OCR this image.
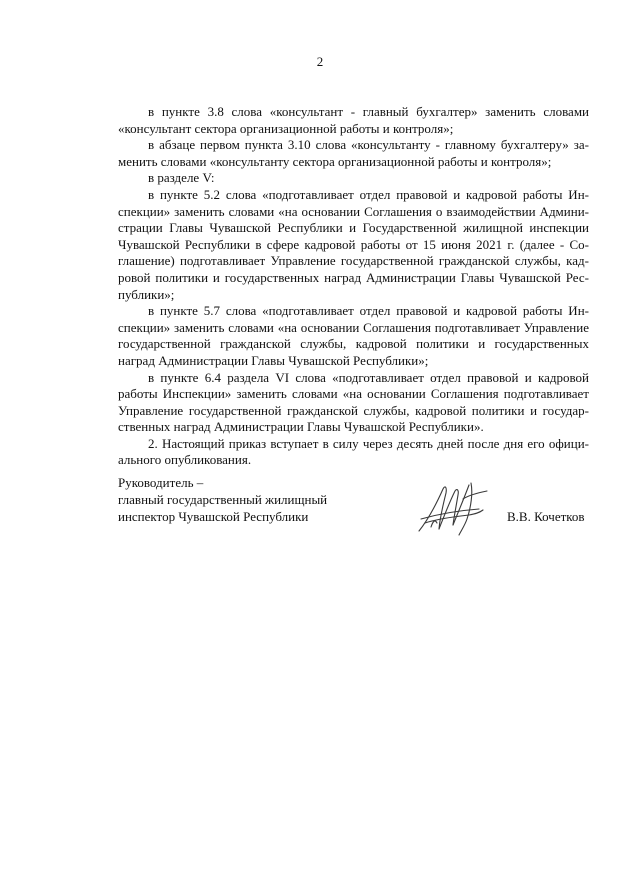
2

в пункте 3.8 слова «консультант - главный бухгалтер» заменить словами «консультант сектора организационной работы и контроля»;

в абзаце первом пункта 3.10 слова «консультанту - главному бухгалтеру» заменить словами «консультанту сектора организационной работы и контроля»;

в разделе V:

в пункте 5.2 слова «подготавливает отдел правовой и кадровой работы Инспекции» заменить словами «на основании Соглашения о взаимодействии Администрации Главы Чувашской Республики и Государственной жилищной инспекции Чувашской Республики в сфере кадровой работы от 15 июня 2021 г. (далее - Соглашение) подготавливает Управление государственной гражданской службы, кадровой политики и государственных наград Администрации Главы Чувашской Республики»;

в пункте 5.7 слова «подготавливает отдел правовой и кадровой работы Инспекции» заменить словами «на основании Соглашения подготавливает Управление государственной гражданской службы, кадровой политики и государственных наград Администрации Главы Чувашской Республики»;

в пункте 6.4 раздела VI слова «подготавливает отдел правовой и кадровой работы Инспекции» заменить словами «на основании Соглашения подготавливает Управление государственной гражданской службы, кадровой политики и государственных наград Администрации Главы Чувашской Республики».

2. Настоящий приказ вступает в силу через десять дней после дня его официального опубликования.

Руководитель –
главный государственный жилищный
инспектор Чувашской Республики	В.В. Кочетков
